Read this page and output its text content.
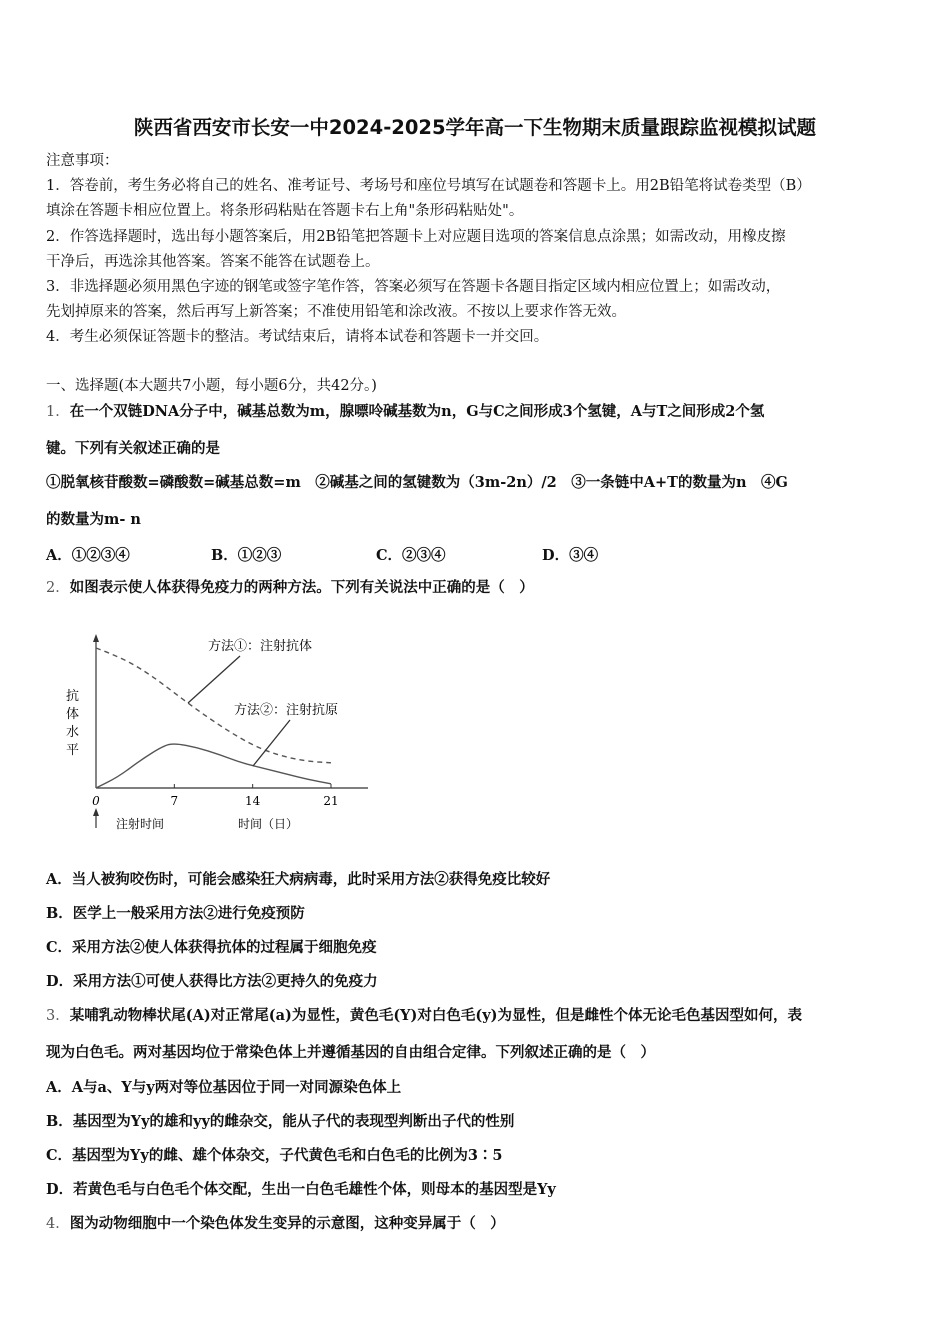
陕西省西安市长安一中2024-2025学年高一下生物期末质量跟踪监视模拟试题
注意事项：
1．答卷前，考生务必将自己的姓名、准考证号、考场号和座位号填写在试题卷和答题卡上。用2B铅笔将试卷类型（B）
填涂在答题卡相应位置上。将条形码粘贴在答题卡右上角"条形码粘贴处"。
2．作答选择题时，选出每小题答案后，用2B铅笔把答题卡上对应题目选项的答案信息点涂黑；如需改动，用橡皮擦
干净后，再选涂其他答案。答案不能答在试题卷上。
3．非选择题必须用黑色字迹的钢笔或签字笔作答，答案必须写在答题卡各题目指定区域内相应位置上；如需改动，
先划掉原来的答案，然后再写上新答案；不准使用铅笔和涂改液。不按以上要求作答无效。
4．考生必须保证答题卡的整洁。考试结束后，请将本试卷和答题卡一并交回。
一、选择题(本大题共7小题，每小题6分，共42分。)
1．在一个双链DNA分子中，碱基总数为m，腺嘌呤碱基数为n，G与C之间形成3个氢键，A与T之间形成2个氢
键。下列有关叙述正确的是
①脱氧核苷酸数=磷酸数=碱基总数=m　②碱基之间的氢键数为（3m-2n）/2　③一条链中A+T的数量为n　④G
的数量为m- n
A．①②③④	B．①②③	C．②③④	D．③④
2．如图表示使人体获得免疫力的两种方法。下列有关说法中正确的是（　）
0	7	14	21
抗
体
水
平
方法①：注射抗体
方法②：注射抗原
注射时间	时间（日）
A．当人被狗咬伤时，可能会感染狂犬病病毒，此时采用方法②获得免疫比较好
B．医学上一般采用方法②进行免疫预防
C．采用方法②使人体获得抗体的过程属于细胞免疫
D．采用方法①可使人获得比方法②更持久的免疫力
3．某哺乳动物棒状尾(A)对正常尾(a)为显性，黄色毛(Y)对白色毛(y)为显性，但是雌性个体无论毛色基因型如何，表
现为白色毛。两对基因均位于常染色体上并遵循基因的自由组合定律。下列叙述正确的是（　）
A．A与a、Y与y两对等位基因位于同一对同源染色体上
B．基因型为Yy的雄和yy的雌杂交，能从子代的表现型判断出子代的性别
C．基因型为Yy的雌、雄个体杂交，子代黄色毛和白色毛的比例为3∶5
D．若黄色毛与白色毛个体交配，生出一白色毛雄性个体，则母本的基因型是Yy
4．图为动物细胞中一个染色体发生变异的示意图，这种变异属于（　）
